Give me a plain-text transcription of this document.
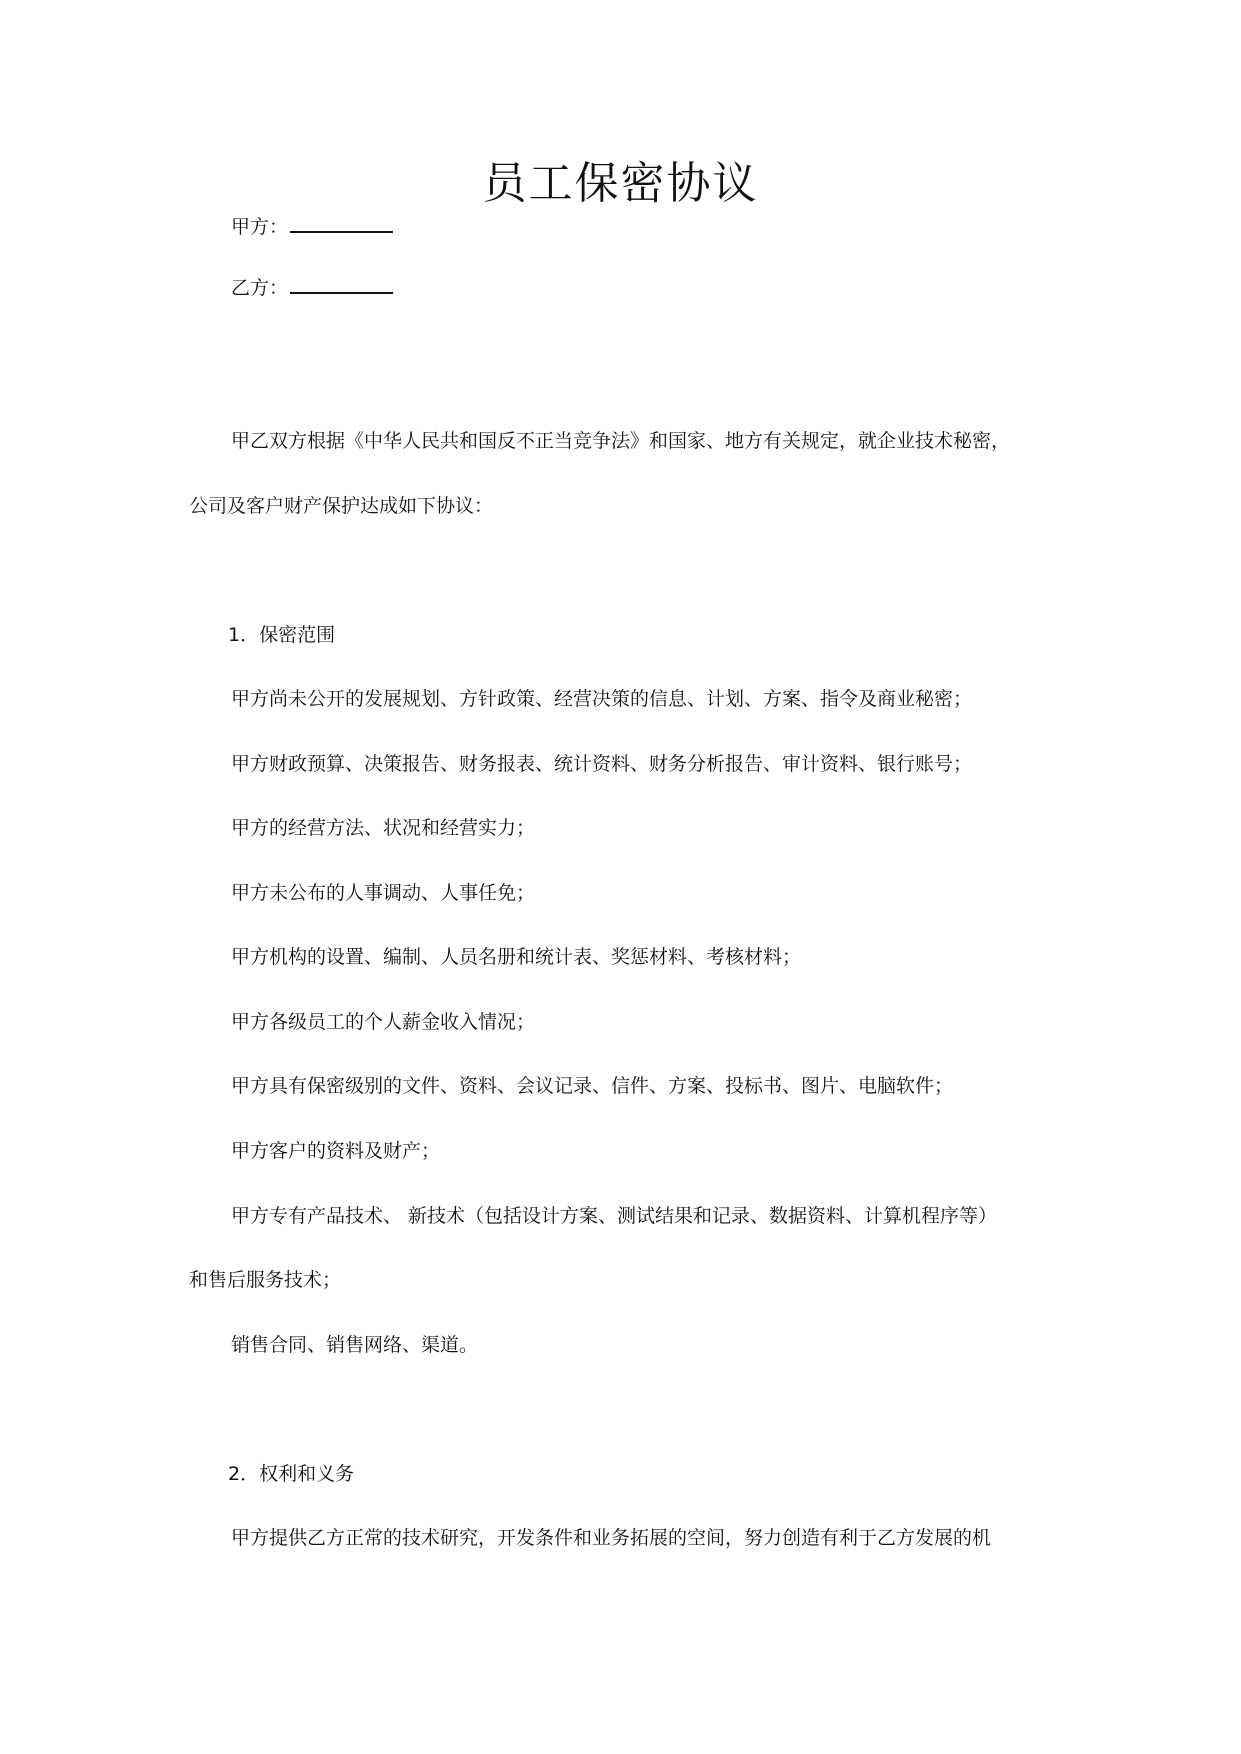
员工保密协议
甲方：
乙方：

甲乙双方根据《中华人民共和国反不正当竞争法》和国家、地方有关规定，就企业技术秘密，

公司及客户财产保护达成如下协议：

1．保密范围

甲方尚未公开的发展规划、方针政策、经营决策的信息、计划、方案、指令及商业秘密；

甲方财政预算、决策报告、财务报表、统计资料、财务分析报告、审计资料、银行账号；

甲方的经营方法、状况和经营实力；

甲方未公布的人事调动、人事任免；

甲方机构的设置、编制、人员名册和统计表、奖惩材料、考核材料；

甲方各级员工的个人薪金收入情况；

甲方具有保密级别的文件、资料、会议记录、信件、方案、投标书、图片、电脑软件；

甲方客户的资料及财产；

甲方专有产品技术、 新技术（包括设计方案、测试结果和记录、数据资料、计算机程序等）

和售后服务技术；

销售合同、销售网络、渠道。

2．权利和义务

甲方提供乙方正常的技术研究，开发条件和业务拓展的空间，努力创造有利于乙方发展的机
